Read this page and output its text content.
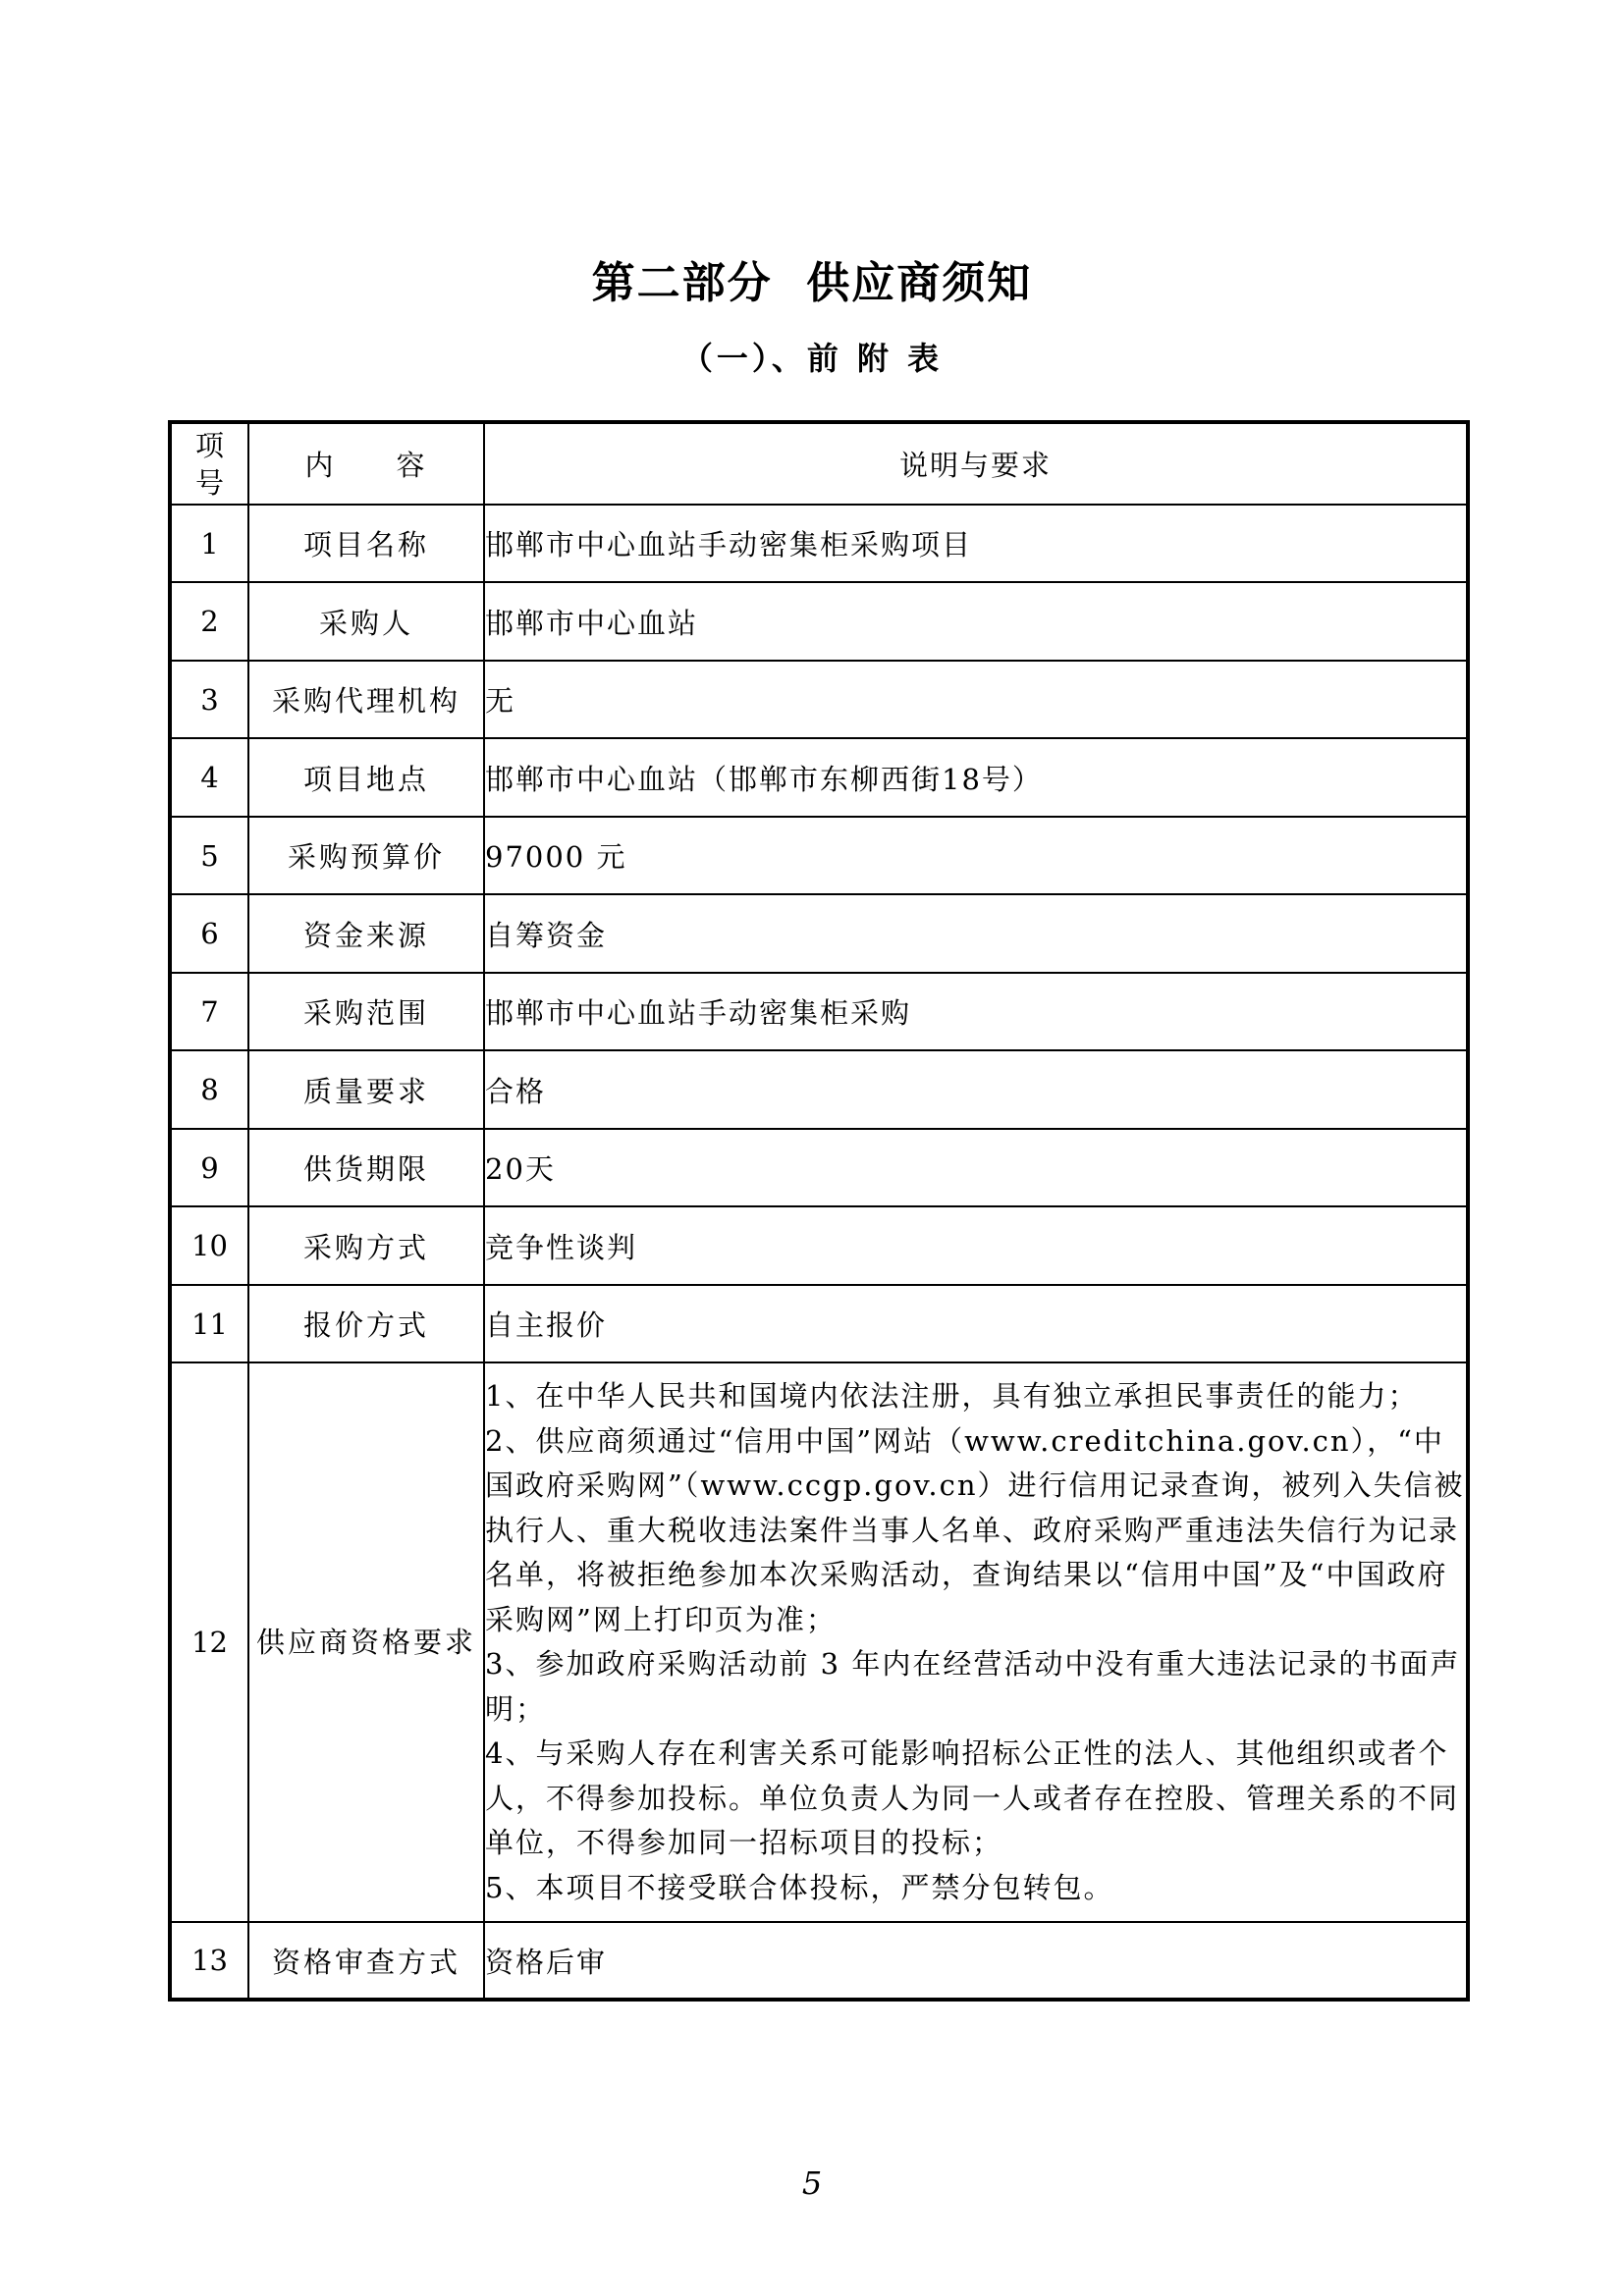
第二部分  供应商须知
（一）、前 附 表
项号	内     容	说明与要求
1	项目名称	邯郸市中心血站手动密集柜采购项目
2	采购人	邯郸市中心血站
3	采购代理机构	无
4	项目地点	邯郸市中心血站（邯郸市东柳西街18号）
5	采购预算价	97000 元
6	资金来源	自筹资金
7	采购范围	邯郸市中心血站手动密集柜采购
8	质量要求	合格
9	供货期限	20天
10	采购方式	竞争性谈判
11	报价方式	自主报价
12	供应商资格要求	1、在中华人民共和国境内依法注册，具有独立承担民事责任的能力；
2、供应商须通过“信用中国”网站（www.creditchina.gov.cn），“中国政府采购网”（www.ccgp.gov.cn）进行信用记录查询，被列入失信被执行人、重大税收违法案件当事人名单、政府采购严重违法失信行为记录名单，将被拒绝参加本次采购活动，查询结果以“信用中国”及“中国政府采购网”网上打印页为准；
3、参加政府采购活动前 3 年内在经营活动中没有重大违法记录的书面声明；
4、与采购人存在利害关系可能影响招标公正性的法人、其他组织或者个人，不得参加投标。单位负责人为同一人或者存在控股、管理关系的不同单位，不得参加同一招标项目的投标；
5、本项目不接受联合体投标，严禁分包转包。

13	资格审查方式	资格后审
5
